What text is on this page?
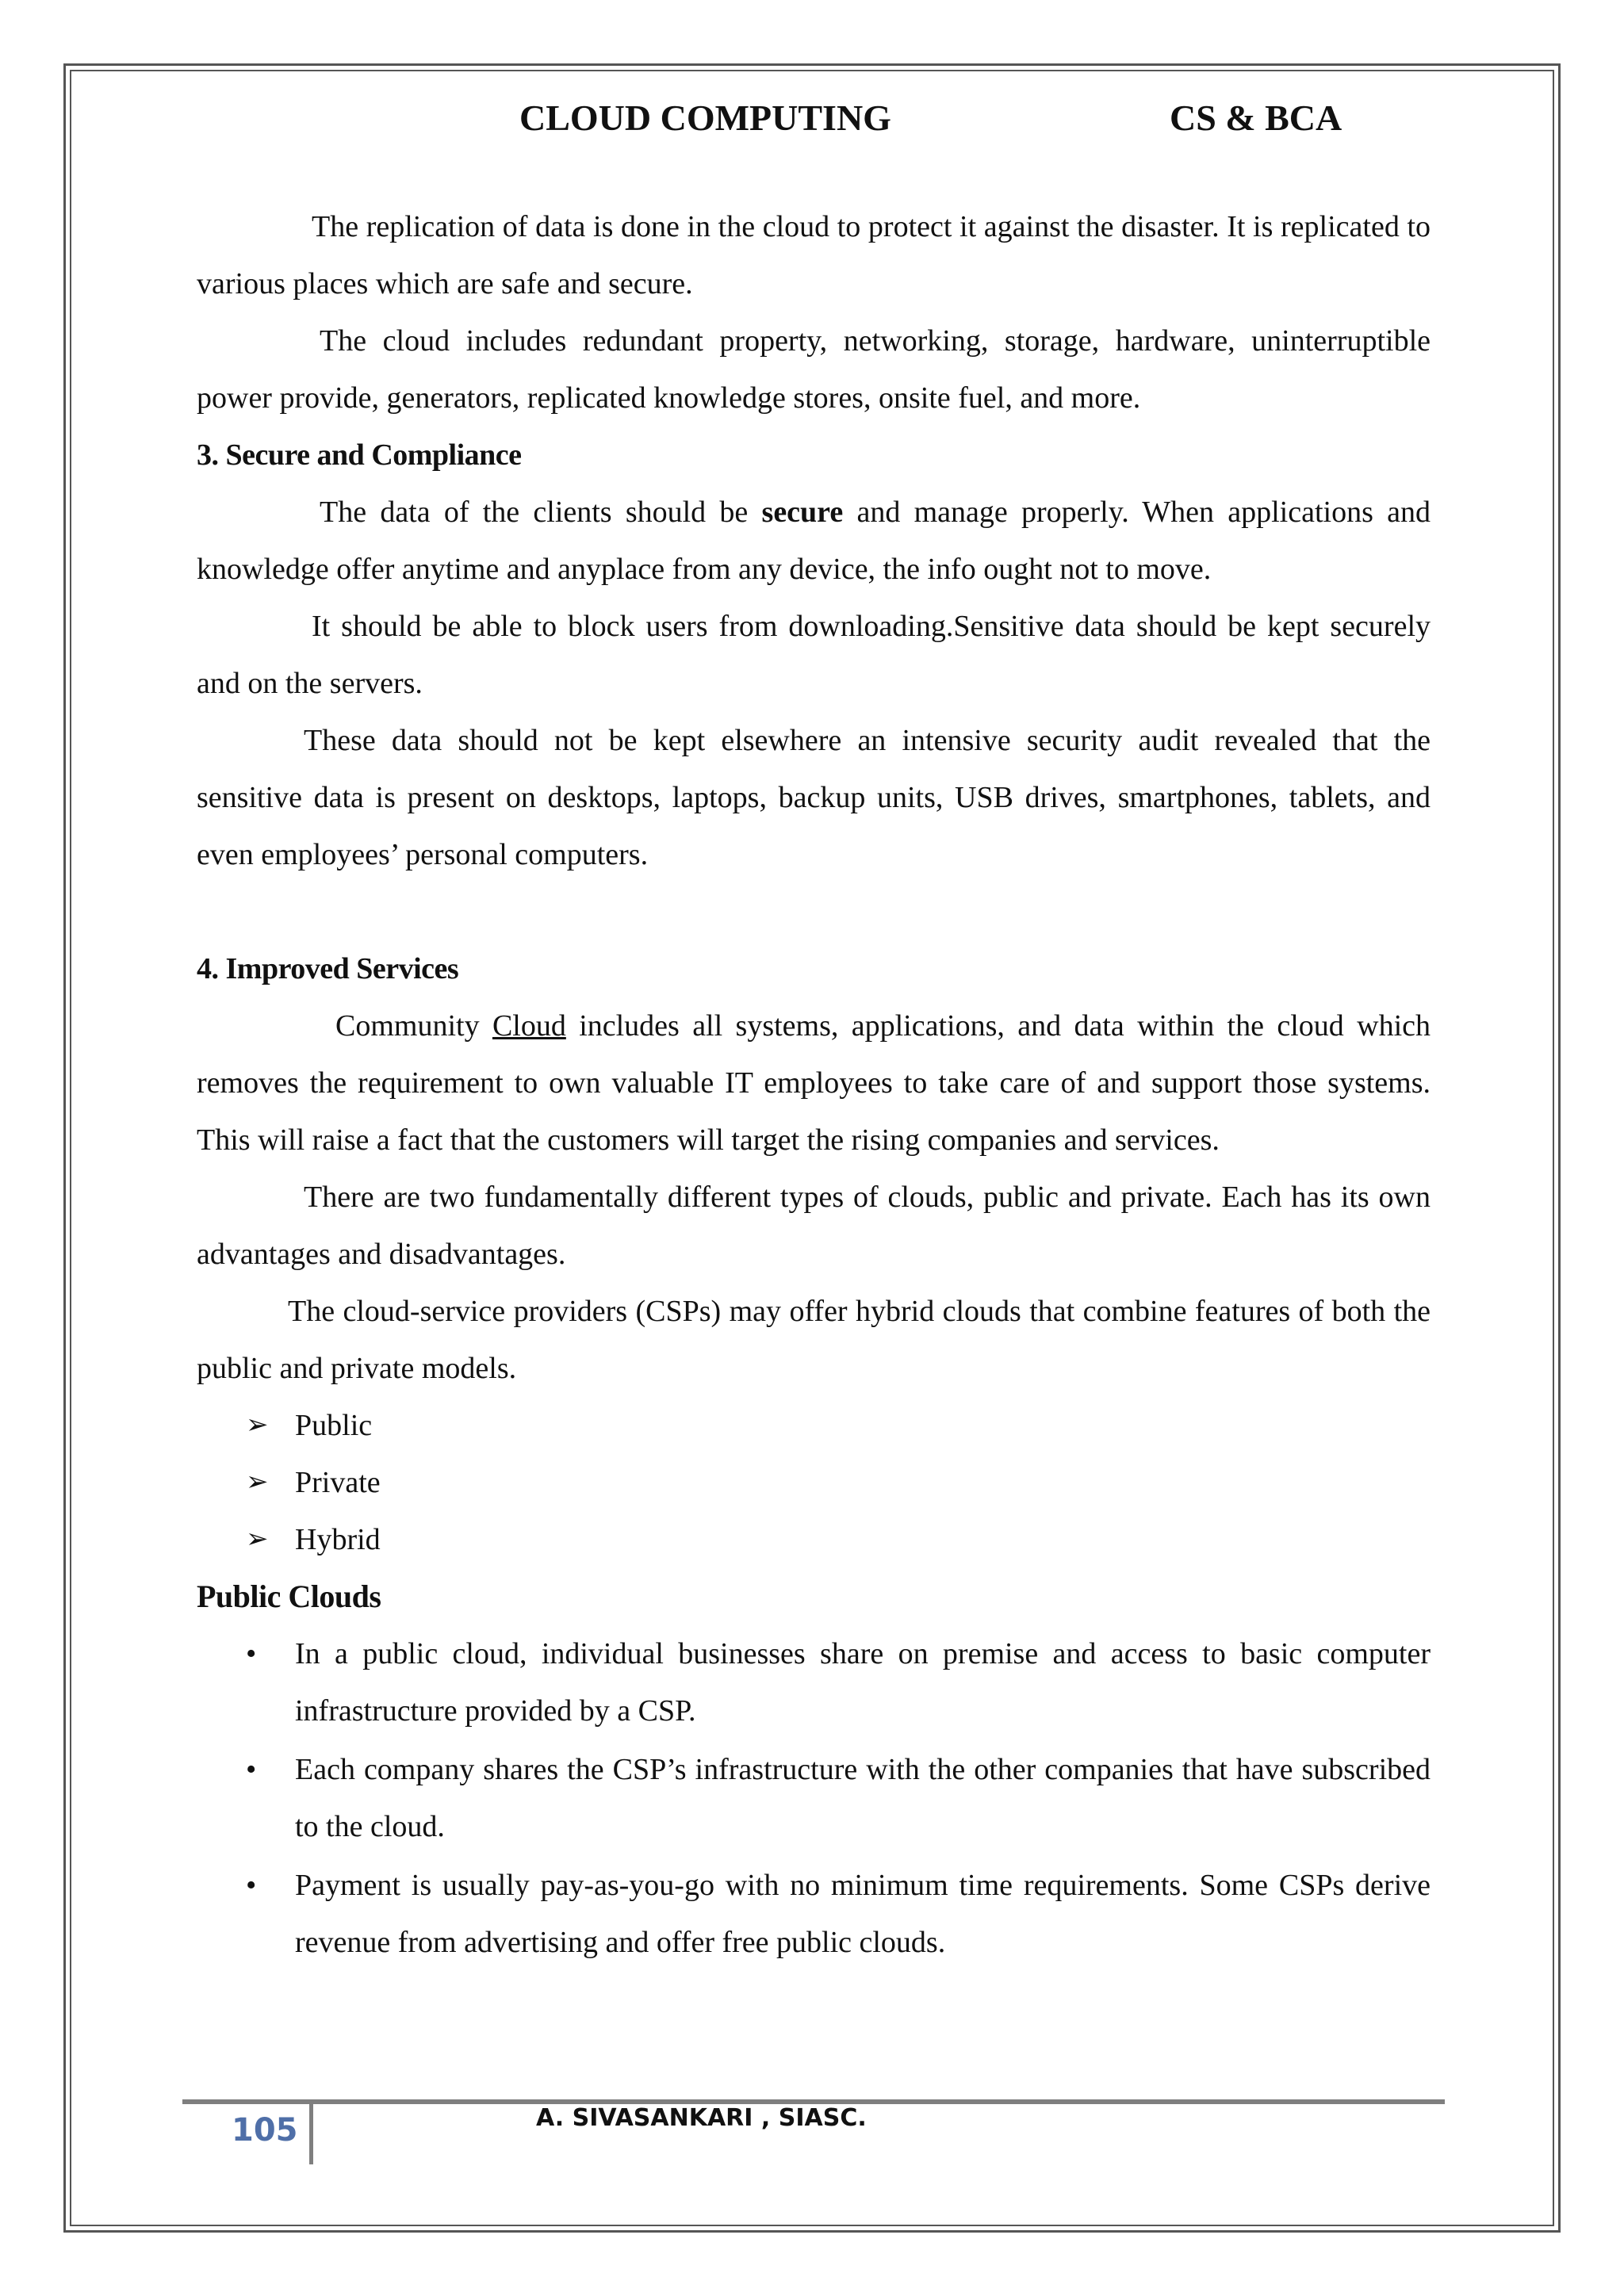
CLOUD COMPUTING	CS & BCA

The replication of data is done in the cloud to protect it against the disaster. It is replicated to various places which are safe and secure.

The cloud includes redundant property, networking, storage, hardware, uninterruptible power provide, generators, replicated knowledge stores, onsite fuel, and more.

3. Secure and Compliance

The data of the clients should be secure and manage properly. When applications and knowledge offer anytime and anyplace from any device, the info ought not to move.

It should be able to block users from downloading.Sensitive data should be kept securely and on the servers.

These data should not be kept elsewhere an intensive security audit revealed that the sensitive data is present on desktops, laptops, backup units, USB drives, smartphones, tablets, and even employees’ personal computers.

4. Improved Services

Community Cloud includes all systems, applications, and data within the cloud which removes the requirement to own valuable IT employees to take care of and support those systems. This will raise a fact that the customers will target the rising companies and services.

There are two fundamentally different types of clouds, public and private. Each has its own advantages and disadvantages.

The cloud-service providers (CSPs) may offer hybrid clouds that combine features of both the public and private models.

➢ Public
➢ Private
➢ Hybrid
Public Clouds
• In a public cloud, individual businesses share on premise and access to basic computer infrastructure provided by a CSP.
• Each company shares the CSP’s infrastructure with the other companies that have subscribed to the cloud.
• Payment is usually pay-as-you-go with no minimum time requirements. Some CSPs derive revenue from advertising and offer free public clouds.
105	A. SIVASANKARI , SIASC.
